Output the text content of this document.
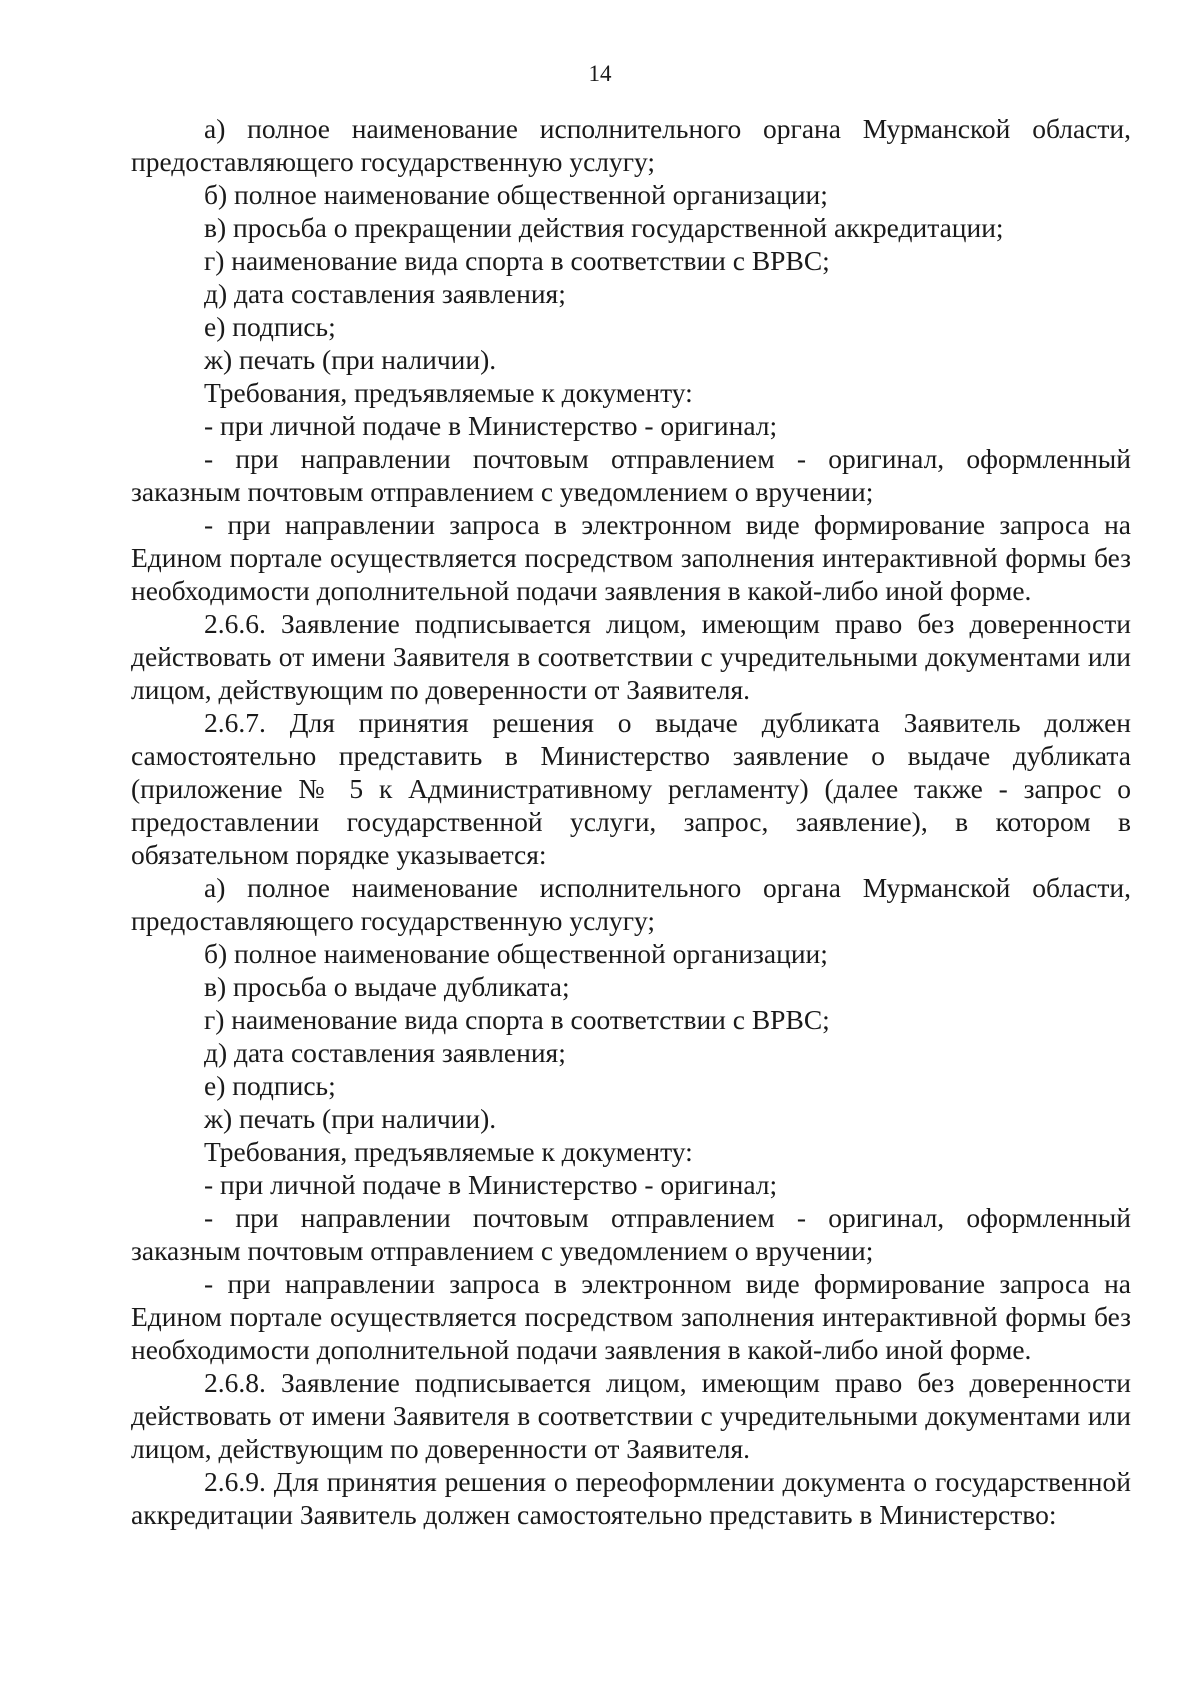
14

а) полное наименование исполнительного органа Мурманской области, предоставляющего государственную услугу;

б) полное наименование общественной организации;

в) просьба о прекращении действия государственной аккредитации;

г) наименование вида спорта в соответствии с ВРВС;

д) дата составления заявления;

е) подпись;

ж) печать (при наличии).

Требования, предъявляемые к документу:

- при личной подаче в Министерство - оригинал;

- при направлении почтовым отправлением - оригинал, оформленный заказным почтовым отправлением с уведомлением о вручении;

- при направлении запроса в электронном виде формирование запроса на Едином портале осуществляется посредством заполнения интерактивной формы без необходимости дополнительной подачи заявления в какой-либо иной форме.

2.6.6. Заявление подписывается лицом, имеющим право без доверенности действовать от имени Заявителя в соответствии с учредительными документами или лицом, действующим по доверенности от Заявителя.

2.6.7. Для принятия решения о выдаче дубликата Заявитель должен самостоятельно представить в Министерство заявление о выдаче дубликата (приложение № 5 к Административному регламенту) (далее также - запрос о предоставлении государственной услуги, запрос, заявление), в котором в обязательном порядке указывается:

а) полное наименование исполнительного органа Мурманской области, предоставляющего государственную услугу;

б) полное наименование общественной организации;

в) просьба о выдаче дубликата;

г) наименование вида спорта в соответствии с ВРВС;

д) дата составления заявления;

е) подпись;

ж) печать (при наличии).

Требования, предъявляемые к документу:

- при личной подаче в Министерство - оригинал;

- при направлении почтовым отправлением - оригинал, оформленный заказным почтовым отправлением с уведомлением о вручении;

- при направлении запроса в электронном виде формирование запроса на Едином портале осуществляется посредством заполнения интерактивной формы без необходимости дополнительной подачи заявления в какой-либо иной форме.

2.6.8. Заявление подписывается лицом, имеющим право без доверенности действовать от имени Заявителя в соответствии с учредительными документами или лицом, действующим по доверенности от Заявителя.

2.6.9. Для принятия решения о переоформлении документа о государственной аккредитации Заявитель должен самостоятельно представить в Министерство:
